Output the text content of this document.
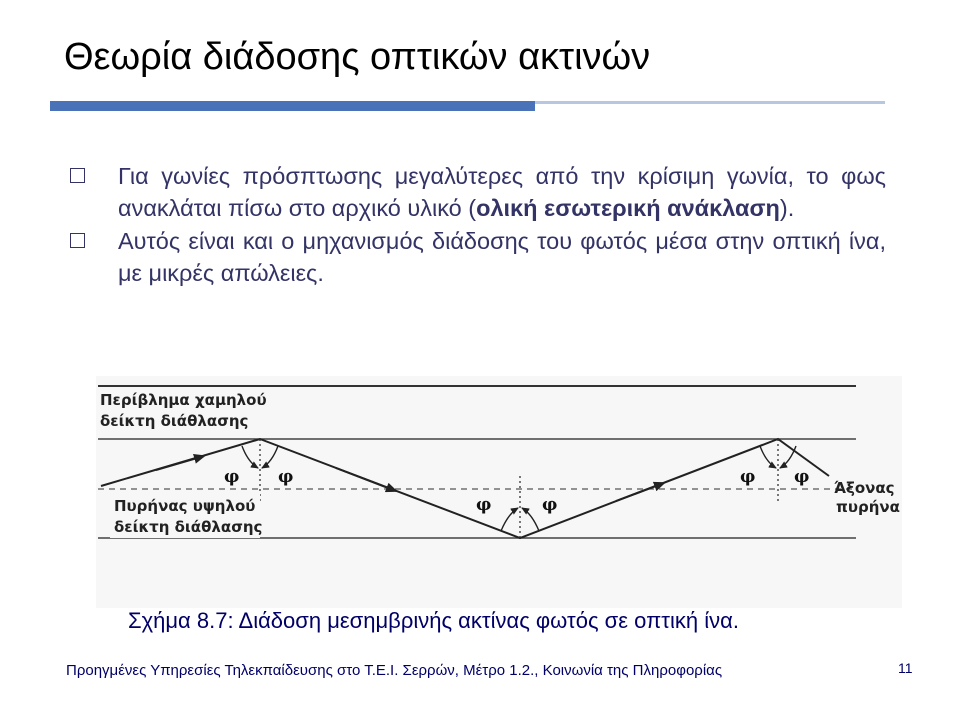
Θεωρία διάδοσης οπτικών ακτινών
Για γωνίες πρόσπτωσης μεγαλύτερες από την κρίσιμη γωνία, το φως ανακλάται πίσω στο αρχικό υλικό (ολική εσωτερική ανάκλαση).
Αυτός είναι και ο μηχανισμός διάδοσης του φωτός μέσα στην οπτική ίνα, με μικρές απώλειες.
φ φ
φ	φ
φ φ
Περίβλημα χαμηλού
δείκτη διάθλασης
Πυρήνας υψηλού
δείκτη διάθλασης
Άξονας
πυρήνα
Σχήμα 8.7: Διάδοση μεσημβρινής ακτίνας φωτός σε οπτική ίνα.
Προηγμένες Υπηρεσίες Τηλεκπαίδευσης στο Τ.Ε.Ι. Σερρών, Μέτρο 1.2., Κοινωνία της Πληροφορίας	11
